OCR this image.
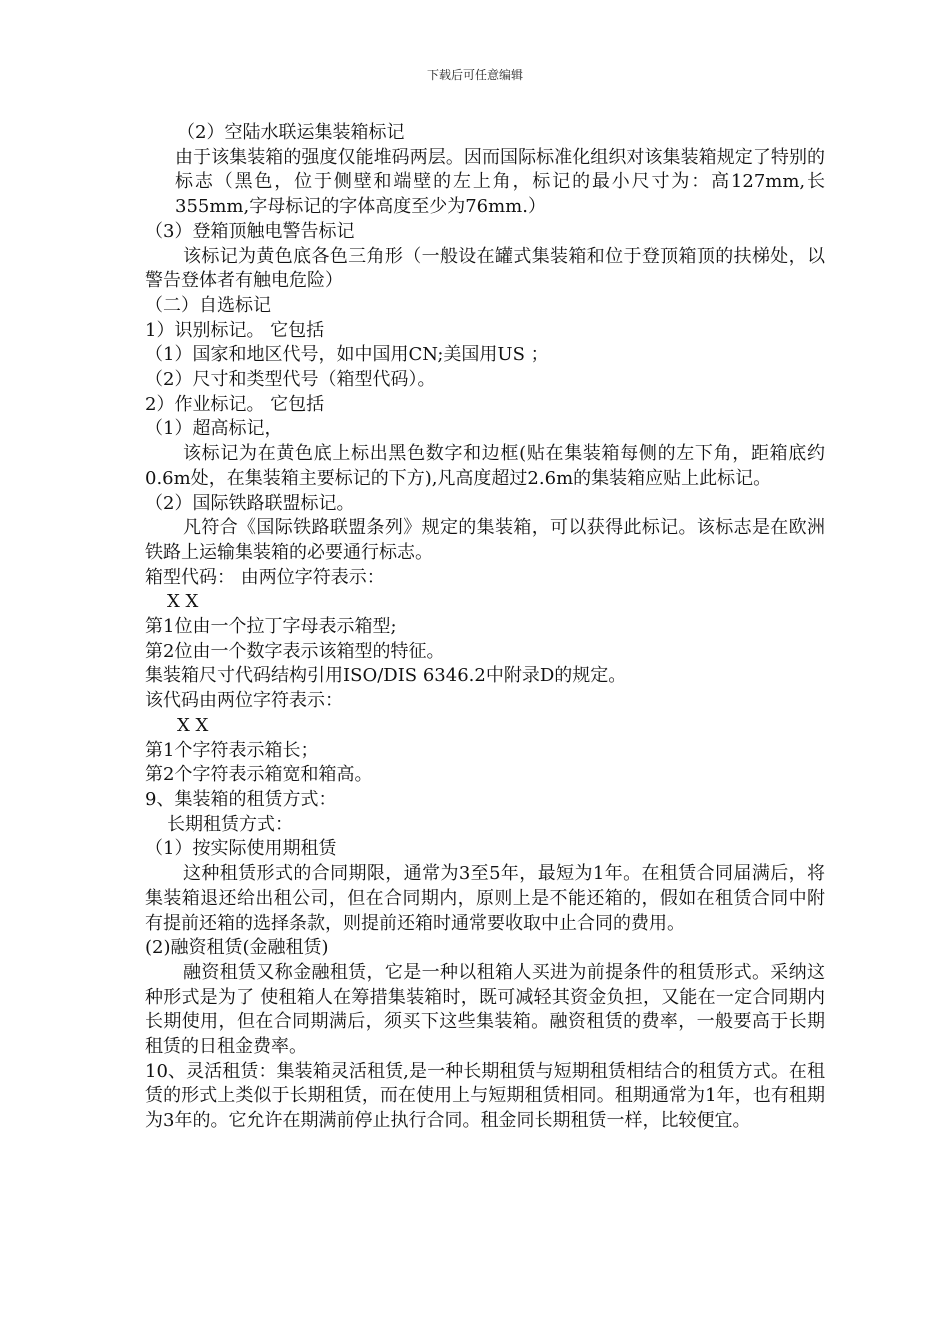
下载后可任意编辑
（2）空陆水联运集装箱标记
由于该集装箱的强度仅能堆码两层。因而国际标准化组织对该集装箱规定了特别的标志（黑色，位于侧壁和端壁的左上角，标记的最小尺寸为：高127mm,长355mm,字母标记的字体高度至少为76mm.）
（3）登箱顶触电警告标记
该标记为黄色底各色三角形（一般设在罐式集装箱和位于登顶箱顶的扶梯处，以警告登体者有触电危险）
（二）自选标记
1）识别标记。 它包括
（1）国家和地区代号，如中国用CN;美国用US ；
（2）尺寸和类型代号（箱型代码）。
2）作业标记。 它包括
（1）超高标记，
该标记为在黄色底上标出黑色数字和边框(贴在集装箱每侧的左下角，距箱底约0.6m处，在集装箱主要标记的下方),凡高度超过2.6m的集装箱应贴上此标记。
（2）国际铁路联盟标记。
凡符合《国际铁路联盟条列》规定的集装箱，可以获得此标记。该标志是在欧洲铁路上运输集装箱的必要通行标志。
箱型代码： 由两位字符表示：
X X
第1位由一个拉丁字母表示箱型;
第2位由一个数字表示该箱型的特征。
集装箱尺寸代码结构引用ISO/DIS 6346.2中附录D的规定。
该代码由两位字符表示：
X X
第1个字符表示箱长；
第2个字符表示箱宽和箱高。
9、集装箱的租赁方式：
长期租赁方式：
（1）按实际使用期租赁
这种租赁形式的合同期限，通常为3至5年，最短为1年。在租赁合同届满后，将集装箱退还给出租公司，但在合同期内，原则上是不能还箱的，假如在租赁合同中附有提前还箱的选择条款，则提前还箱时通常要收取中止合同的费用。
(2)融资租赁(金融租赁)
融资租赁又称金融租赁，它是一种以租箱人买进为前提条件的租赁形式。采纳这种形式是为了 使租箱人在筹措集装箱时，既可减轻其资金负担，又能在一定合同期内长期使用，但在合同期满后，须买下这些集装箱。融资租赁的费率，一般要高于长期租赁的日租金费率。
10、灵活租赁：集装箱灵活租赁,是一种长期租赁与短期租赁相结合的租赁方式。在租赁的形式上类似于长期租赁，而在使用上与短期租赁相同。租期通常为1年，也有租期为3年的。它允许在期满前停止执行合同。租金同长期租赁一样，比较便宜。
